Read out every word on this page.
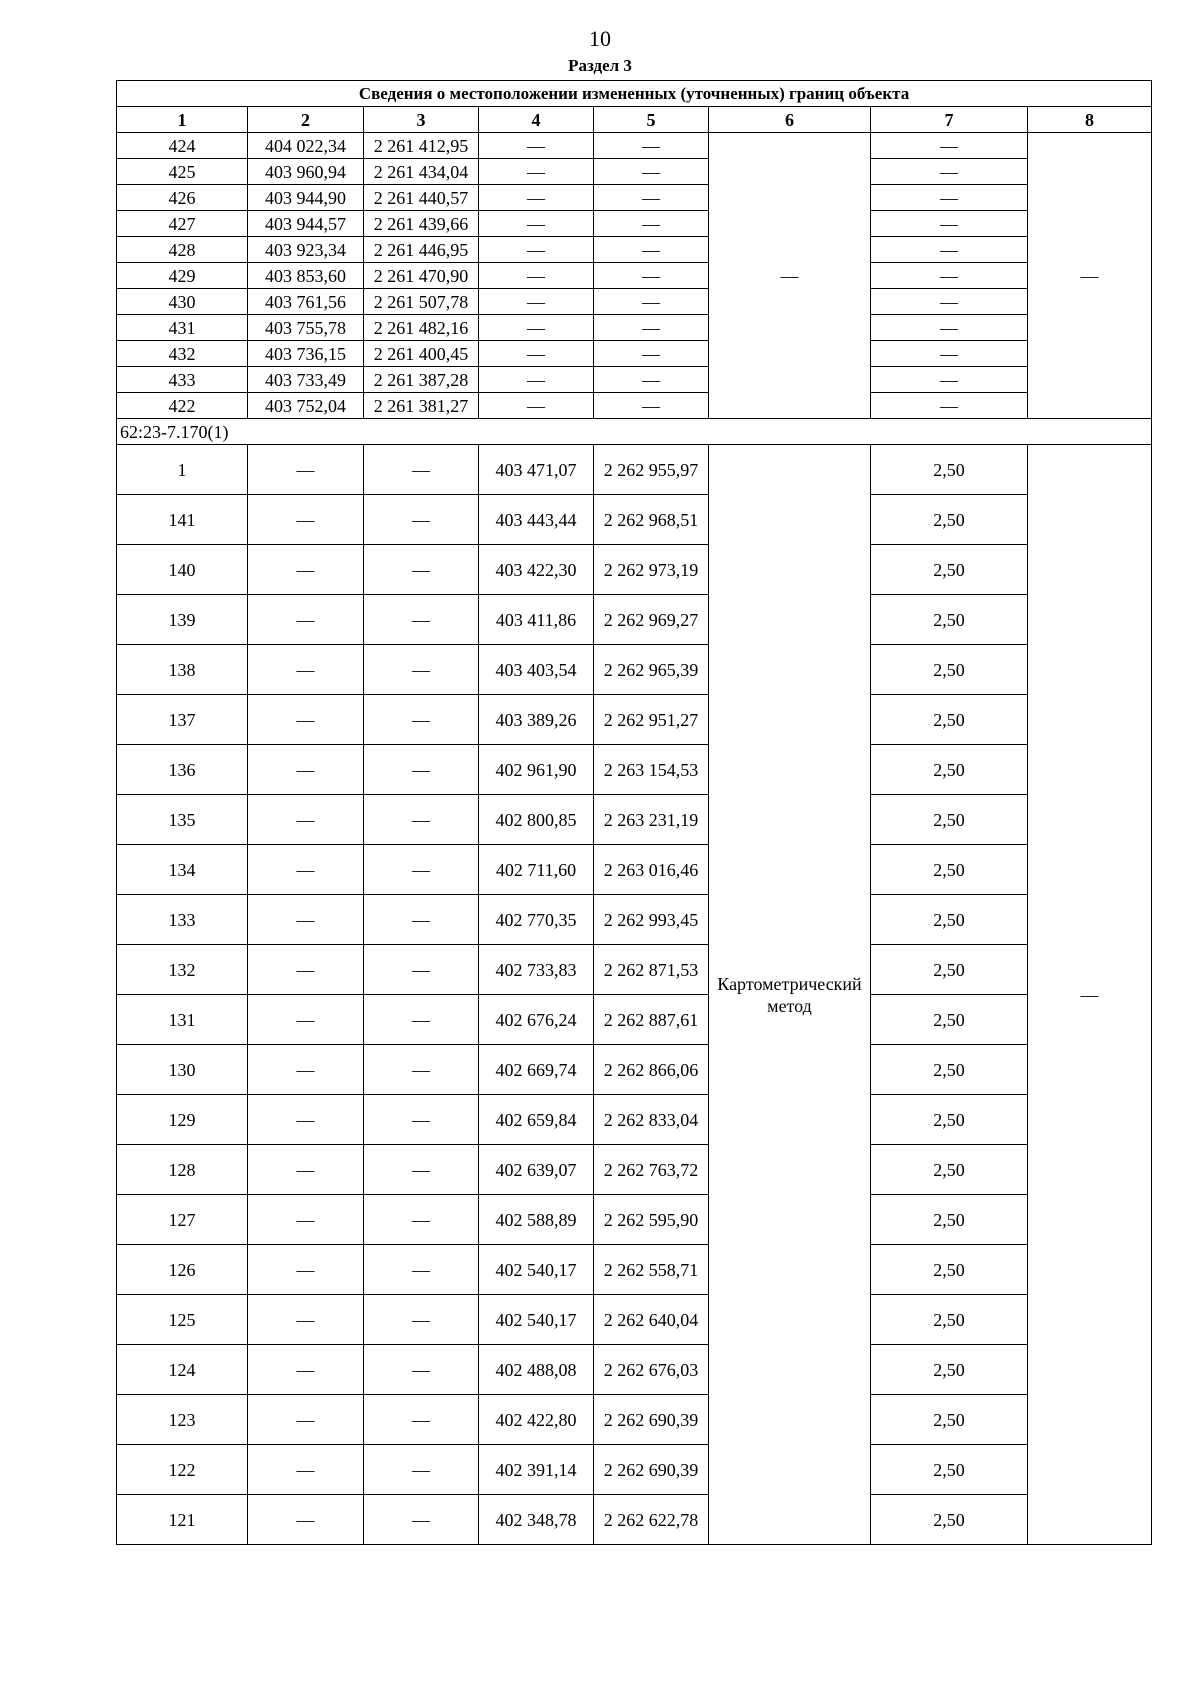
10
Раздел 3
Сведения о местоположении измененных (уточненных) границ объекта							
1	2	3	4	5	6	7	8
424	404 022,34	2 261 412,95	—	—	—	—	—
425	403 960,94	2 261 434,04	—	—		—	
426	403 944,90	2 261 440,57	—	—		—	
427	403 944,57	2 261 439,66	—	—		—	
428	403 923,34	2 261 446,95	—	—		—	
429	403 853,60	2 261 470,90	—	—		—	
430	403 761,56	2 261 507,78	—	—		—	
431	403 755,78	2 261 482,16	—	—		—	
432	403 736,15	2 261 400,45	—	—		—	
433	403 733,49	2 261 387,28	—	—		—	
422	403 752,04	2 261 381,27	—	—		—	
62:23-7.170(1)							
1	—	—	403 471,07	2 262 955,97	Картометрический метод	2,50	—
141	—	—	403 443,44	2 262 968,51		2,50	
140	—	—	403 422,30	2 262 973,19		2,50	
139	—	—	403 411,86	2 262 969,27		2,50	
138	—	—	403 403,54	2 262 965,39		2,50	
137	—	—	403 389,26	2 262 951,27		2,50	
136	—	—	402 961,90	2 263 154,53		2,50	
135	—	—	402 800,85	2 263 231,19		2,50	
134	—	—	402 711,60	2 263 016,46		2,50	
133	—	—	402 770,35	2 262 993,45		2,50	
132	—	—	402 733,83	2 262 871,53		2,50	
131	—	—	402 676,24	2 262 887,61		2,50	
130	—	—	402 669,74	2 262 866,06		2,50	
129	—	—	402 659,84	2 262 833,04		2,50	
128	—	—	402 639,07	2 262 763,72		2,50	
127	—	—	402 588,89	2 262 595,90		2,50	
126	—	—	402 540,17	2 262 558,71		2,50	
125	—	—	402 540,17	2 262 640,04		2,50	
124	—	—	402 488,08	2 262 676,03		2,50	
123	—	—	402 422,80	2 262 690,39		2,50	
122	—	—	402 391,14	2 262 690,39		2,50	
121	—	—	402 348,78	2 262 622,78		2,50	
